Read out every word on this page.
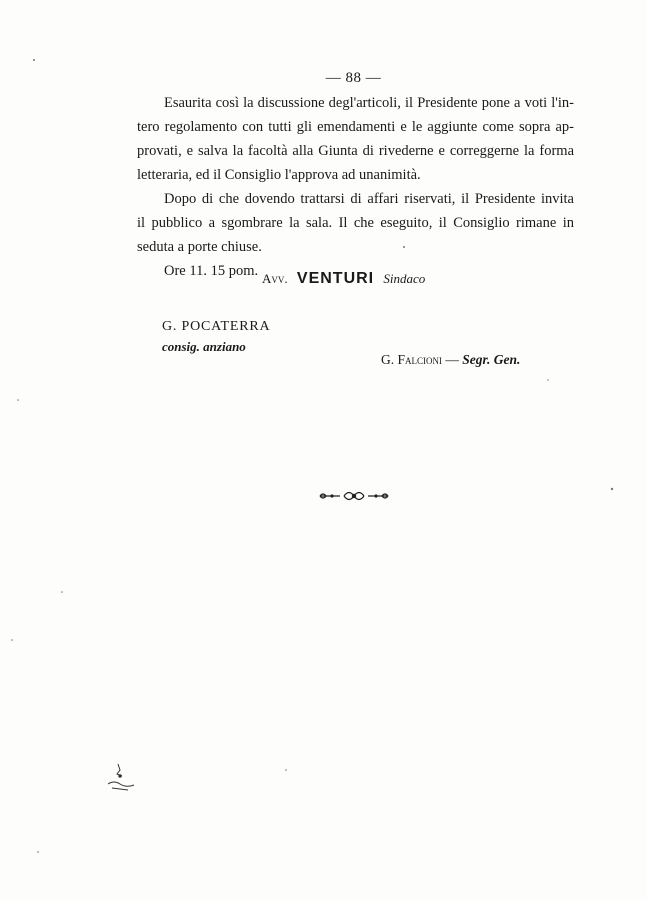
— 88 —
Esaurita così la discussione degl'articoli, il Presidente pone a voti l'in-
tero regolamento con tutti gli emendamenti e le aggiunte come sopra ap-
provati, e salva la facoltà alla Giunta di rivederne e correggerne la forma
letteraria, ed il Consiglio l'approva ad unanimità.
Dopo di che dovendo trattarsi di affari riservati, il Presidente invita
il pubblico a sgombrare la sala. Il che eseguito, il Consiglio rimane in
seduta a porte chiuse.
Ore 11. 15 pom. Avv. VENTURI Sindaco
G. POCATERRA
consig. anziano
G. Falcioni — Segr. Gen.
